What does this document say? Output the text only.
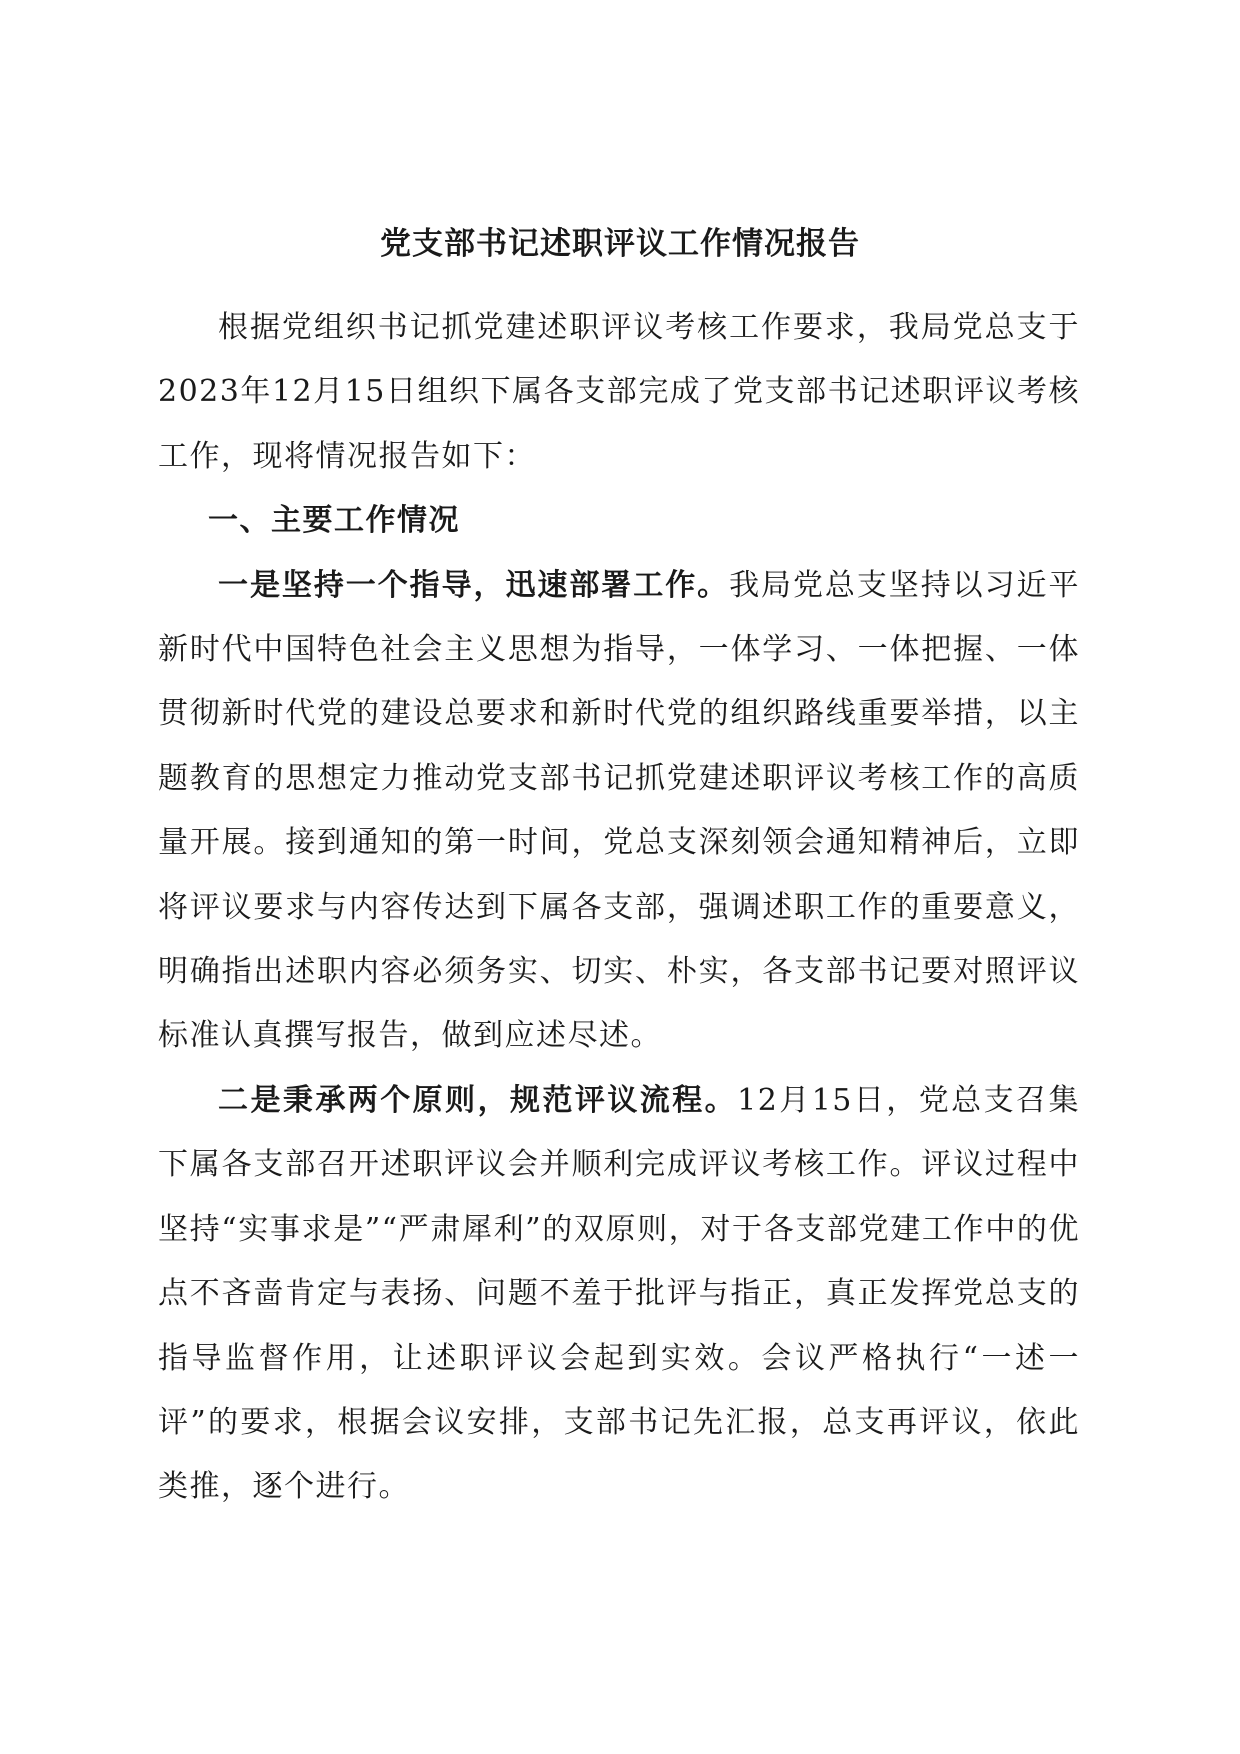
党支部书记述职评议工作情况报告

根据党组织书记抓党建述职评议考核工作要求，我局党总支于2023年12月15日组织下属各支部完成了党支部书记述职评议考核工作，现将情况报告如下：

一、主要工作情况

一是坚持一个指导，迅速部署工作。我局党总支坚持以习近平新时代中国特色社会主义思想为指导，一体学习、一体把握、一体贯彻新时代党的建设总要求和新时代党的组织路线重要举措，以主题教育的思想定力推动党支部书记抓党建述职评议考核工作的高质量开展。接到通知的第一时间，党总支深刻领会通知精神后，立即将评议要求与内容传达到下属各支部，强调述职工作的重要意义，明确指出述职内容必须务实、切实、朴实，各支部书记要对照评议标准认真撰写报告，做到应述尽述。

二是秉承两个原则，规范评议流程。12月15日，党总支召集下属各支部召开述职评议会并顺利完成评议考核工作。评议过程中坚持“实事求是”“严肃犀利”的双原则，对于各支部党建工作中的优点不吝啬肯定与表扬、问题不羞于批评与指正，真正发挥党总支的指导监督作用，让述职评议会起到实效。会议严格执行“一述一评”的要求，根据会议安排，支部书记先汇报，总支再评议，依此类推，逐个进行。
